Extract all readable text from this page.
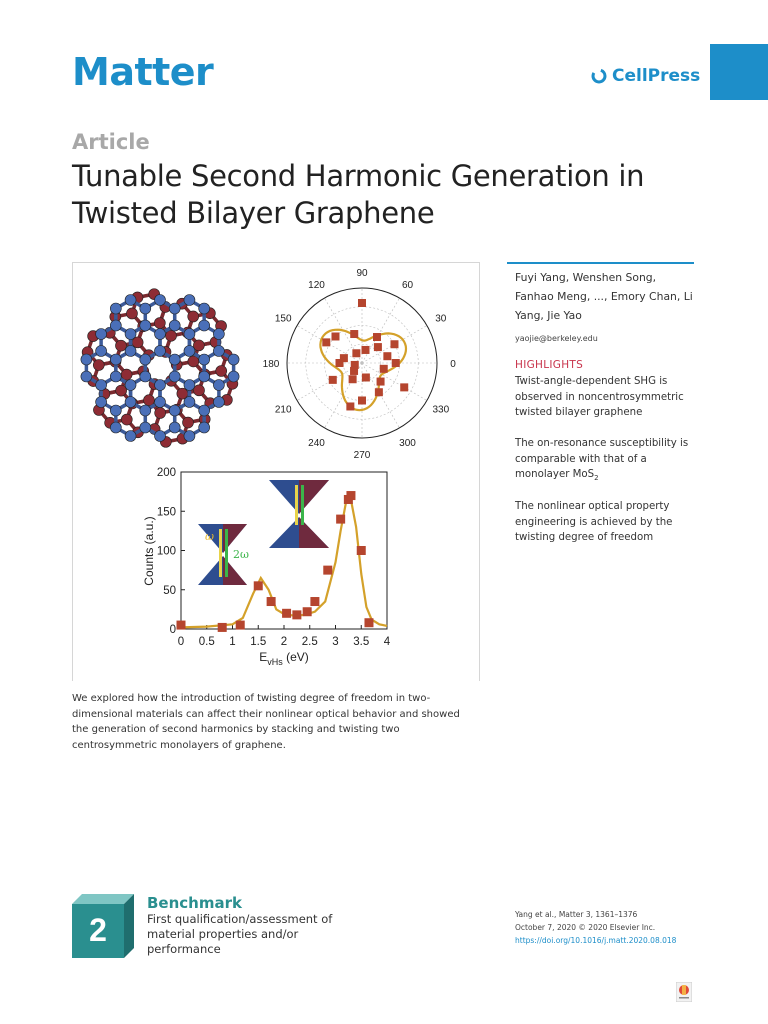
Matter	CellPress
Article
Tunable Second Harmonic Generation in Twisted Bilayer Graphene
0
30
60
90
120
150
180
210
240
270
300
330
0 0.5 1 1.5 2 2.5 3 3.5 4
0
50
100
150
200
ω
2ω
Counts (a.u.)
$E_{vHs}$ (eV)
We explored how the introduction of twisting degree of freedom in two-dimensional materials can affect their nonlinear optical behavior and showed the generation of second harmonics by stacking and twisting two centrosymmetric monolayers of graphene.
Fuyi Yang, Wenshen Song, Fanhao Meng, ..., Emory Chan, Li Yang, Jie Yao
yaojie@berkeley.edu
HIGHLIGHTS
Twist-angle-dependent SHG is observed in noncentrosymmetric twisted bilayer graphene
The on-resonance susceptibility is comparable with that of a monolayer MoS$_2$
The nonlinear optical property engineering is achieved by the twisting degree of freedom
2
Benchmark
First qualification/assessment of material properties and/or performance
Yang et al., Matter 3, 1361–1376
October 7, 2020 © 2020 Elsevier Inc.
https://doi.org/10.1016/j.matt.2020.08.018
